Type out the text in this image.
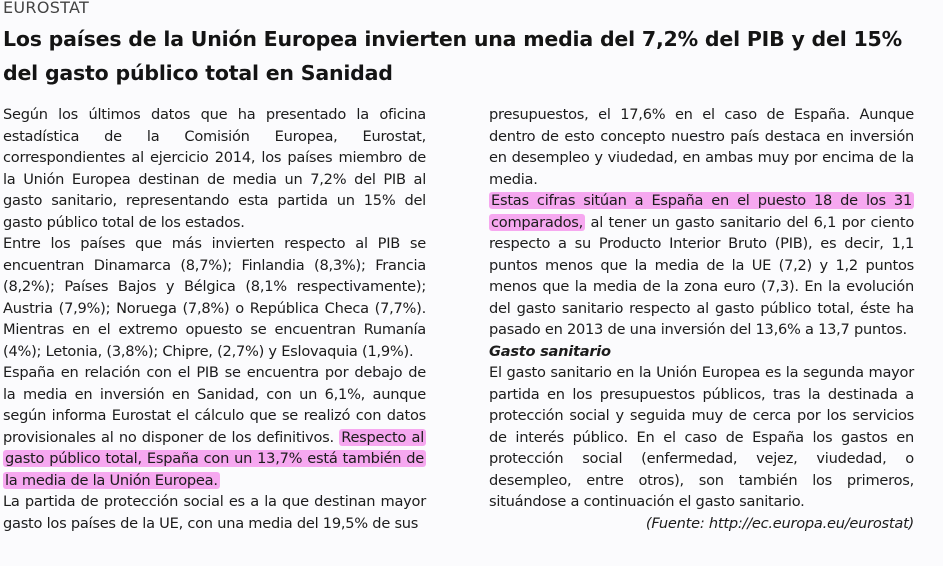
EUROSTAT
Los países de la Unión Europea invierten una media del 7,2% del PIB y del 15% del gasto público total en Sanidad

Según los últimos datos que ha presentado la oficina estadística de la Comisión Europea, Eurostat, correspondientes al ejercicio 2014, los países miembro de la Unión Europea destinan de media un 7,2% del PIB al gasto sanitario, representando esta partida un 15% del gasto público total de los estados.

Entre los países que más invierten respecto al PIB se encuentran Dinamarca (8,7%); Finlandia (8,3%); Francia (8,2%); Países Bajos y Bélgica (8,1% respectivamente); Austria (7,9%); Noruega (7,8%) o República Checa (7,7%). Mientras en el extremo opuesto se encuentran Rumanía (4%); Letonia, (3,8%); Chipre, (2,7%) y Eslovaquia (1,9%).

España en relación con el PIB se encuentra por debajo de la media en inversión en Sanidad, con un 6,1%, aunque según informa Eurostat el cálculo que se realizó con datos provisionales al no disponer de los definitivos. Respecto al gasto público total, España con un 13,7% está también de la media de la Unión Europea.

La partida de protección social es a la que destinan mayor gasto los países de la UE, con una media del 19,5% de sus

presupuestos, el 17,6% en el caso de España. Aunque dentro de esto concepto nuestro país destaca en inversión en desempleo y viudedad, en ambas muy por encima de la media.

Estas cifras sitúan a España en el puesto 18 de los 31 comparados, al tener un gasto sanitario del 6,1 por ciento respecto a su Producto Interior Bruto (PIB), es decir, 1,1 puntos menos que la media de la UE (7,2) y 1,2 puntos menos que la media de la zona euro (7,3). En la evolución del gasto sanitario respecto al gasto público total, éste ha pasado en 2013 de una inversión del 13,6% a 13,7 puntos.

Gasto sanitario

El gasto sanitario en la Unión Europea es la segunda mayor partida en los presupuestos públicos, tras la destinada a protección social y seguida muy de cerca por los servicios de interés público. En el caso de España los gastos en protección social (enfermedad, vejez, viudedad, o desempleo, entre otros), son también los primeros, situándose a continuación el gasto sanitario.

(Fuente: http://ec.europa.eu/eurostat)
